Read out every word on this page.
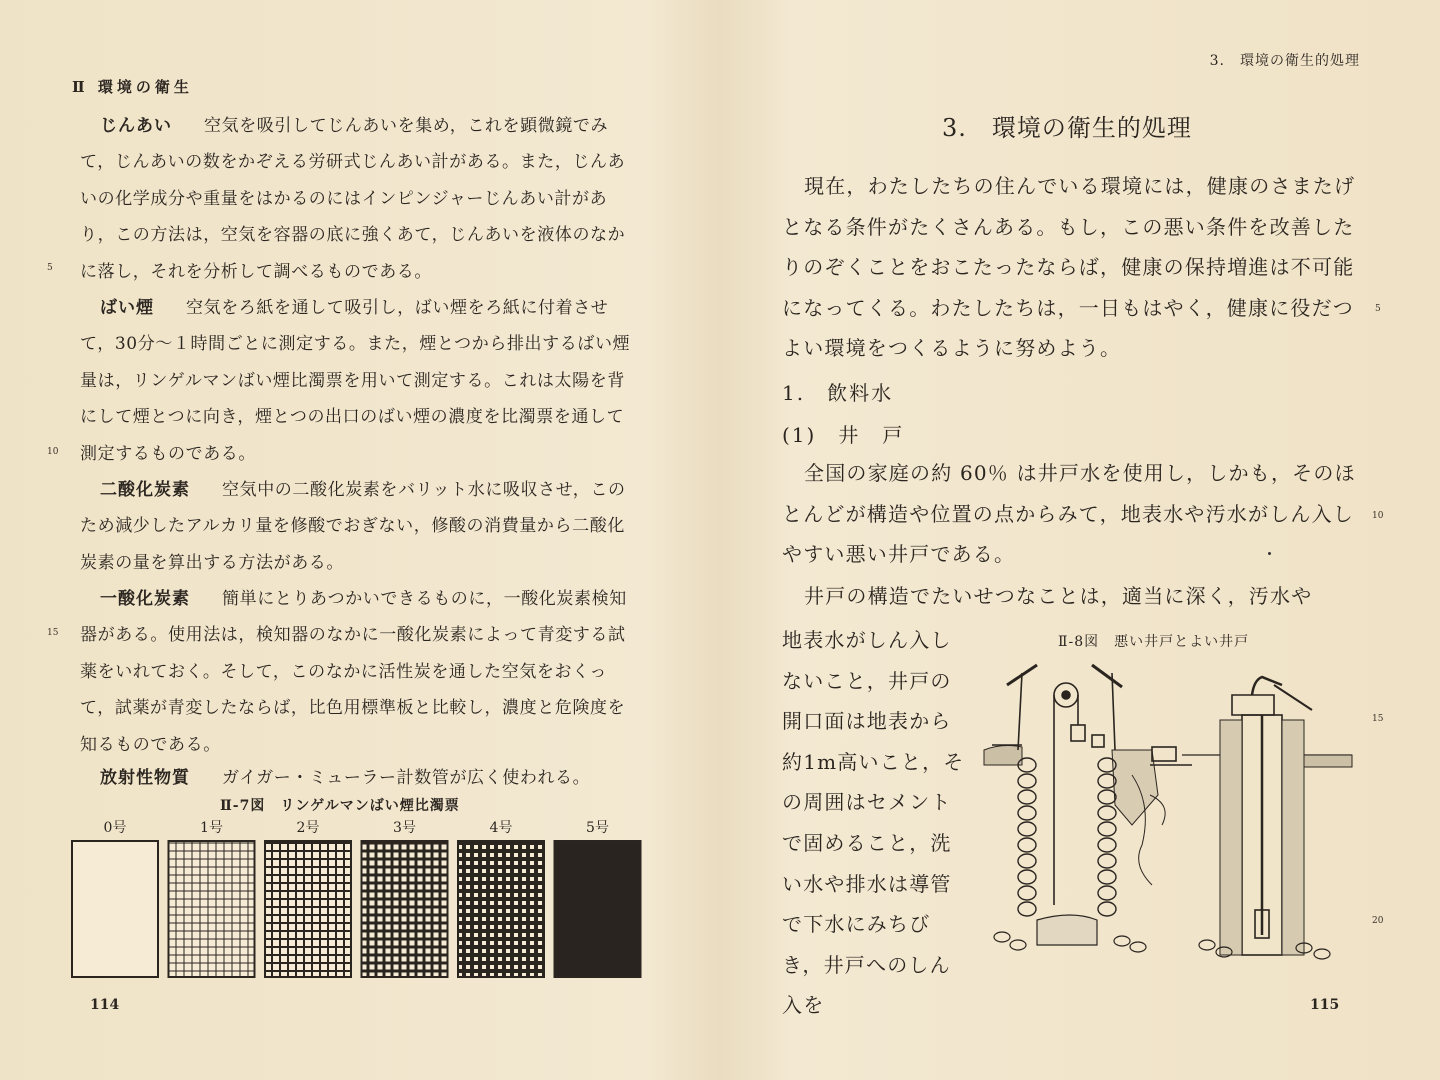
Ⅱ 環境の衛生

じんあい 空気を吸引してじんあいを集め，これを顕微鏡でみて，じんあいの数をかぞえる労研式じんあい計がある。また，じんあいの化学成分や重量をはかるのにはインピンジャーじんあい計があり，この方法は，空気を容器の底に強くあて，じんあいを液体のなかに落し，それを分析して調べるものである。

ばい煙 空気をろ紙を通して吸引し，ばい煙をろ紙に付着させて，30分～１時間ごとに測定する。また，煙とつから排出するばい煙量は，リンゲルマンばい煙比濁票を用いて測定する。これは太陽を背にして煙とつに向き，煙とつの出口のばい煙の濃度を比濁票を通して測定するものである。

二酸化炭素 空気中の二酸化炭素をバリット水に吸収させ，このため減少したアルカリ量を修酸でおぎない，修酸の消費量から二酸化炭素の量を算出する方法がある。

一酸化炭素 簡単にとりあつかいできるものに，一酸化炭素検知器がある。使用法は，検知器のなかに一酸化炭素によって青変する試薬をいれておく。そして，このなかに活性炭を通した空気をおくって，試薬が青変したならば，比色用標準板と比較し，濃度と危険度を知るものである。

放射性物質 ガイガー・ミューラー計数管が広く使われる。

5
10
15
Ⅱ-7図　リンゲルマンばい煙比濁票
0号	1号	2号	3号	4号	5号
114
3.　環境の衛生的処理
3.　環境の衛生的処理

現在，わたしたちの住んでいる環境には，健康のさまたげとなる条件がたくさんある。もし，この悪い条件を改善したりのぞくことをおこたったならば，健康の保持増進は不可能になってくる。わたしたちは，一日もはやく，健康に役だつよい環境をつくるように努めよう。

1.　飲料水
(1)　井　戸

全国の家庭の約 60％ は井戸水を使用し，しかも，そのほとんどが構造や位置の点からみて，地表水や汚水がしん入しやすい悪い井戸である。

井戸の構造でたいせつなことは，適当に深く，汚水や

地表水がしん入しないこと，井戸の開口面は地表から約1m高いこと，その周囲はセメントで固めること，洗い水や排水は導管で下水にみちびき，井戸へのしん入を

5
10
15
20
Ⅱ-8図　悪い井戸とよい井戸
115
